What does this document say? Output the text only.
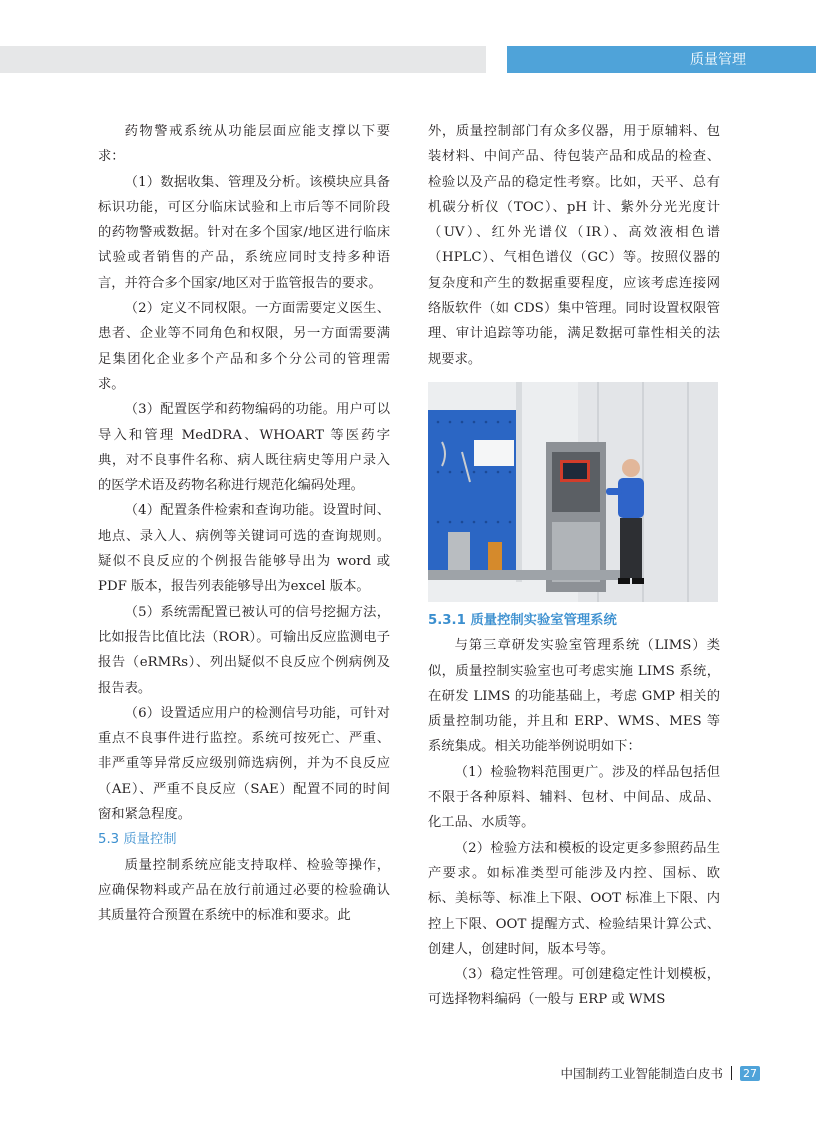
质量管理

药物警戒系统从功能层面应能支撑以下要求：

（1）数据收集、管理及分析。该模块应具备标识功能，可区分临床试验和上市后等不同阶段的药物警戒数据。针对在多个国家/地区进行临床试验或者销售的产品，系统应同时支持多种语言，并符合多个国家/地区对于监管报告的要求。

（2）定义不同权限。一方面需要定义医生、患者、企业等不同角色和权限，另一方面需要满足集团化企业多个产品和多个分公司的管理需求。

（3）配置医学和药物编码的功能。用户可以导入和管理 MedDRA、WHOART 等医药字典，对不良事件名称、病人既往病史等用户录入的医学术语及药物名称进行规范化编码处理。

（4）配置条件检索和查询功能。设置时间、地点、录入人、病例等关键词可选的查询规则。疑似不良反应的个例报告能够导出为 word 或 PDF 版本，报告列表能够导出为excel 版本。

（5）系统需配置已被认可的信号挖掘方法，比如报告比值比法（ROR）。可输出反应监测电子报告（eRMRs）、列出疑似不良反应个例病例及报告表。

（6）设置适应用户的检测信号功能，可针对重点不良事件进行监控。系统可按死亡、严重、非严重等异常反应级别筛选病例，并为不良反应（AE）、严重不良反应（SAE）配置不同的时间窗和紧急程度。

5.3 质量控制

质量控制系统应能支持取样、检验等操作，应确保物料或产品在放行前通过必要的检验确认其质量符合预置在系统中的标准和要求。此

外，质量控制部门有众多仪器，用于原辅料、包装材料、中间产品、待包装产品和成品的检查、检验以及产品的稳定性考察。比如，天平、总有机碳分析仪（TOC）、pH 计、紫外分光光度计（UV）、红外光谱仪（IR）、高效液相色谱（HPLC）、气相色谱仪（GC）等。按照仪器的复杂度和产生的数据重要程度，应该考虑连接网络版软件（如 CDS）集中管理。同时设置权限管理、审计追踪等功能，满足数据可靠性相关的法规要求。

5.3.1 质量控制实验室管理系统

与第三章研发实验室管理系统（LIMS）类似，质量控制实验室也可考虑实施 LIMS 系统，在研发 LIMS 的功能基础上，考虑 GMP 相关的质量控制功能，并且和 ERP、WMS、MES 等系统集成。相关功能举例说明如下：

（1）检验物料范围更广。涉及的样品包括但不限于各种原料、辅料、包材、中间品、成品、化工品、水质等。

（2）检验方法和模板的设定更多参照药品生产要求。如标准类型可能涉及内控、国标、欧标、美标等、标准上下限、OOT 标准上下限、内控上下限、OOT 提醒方式、检验结果计算公式、创建人，创建时间，版本号等。

（3）稳定性管理。可创建稳定性计划模板，可选择物料编码（一般与 ERP 或 WMS

中国制药工业智能制造白皮书 27
